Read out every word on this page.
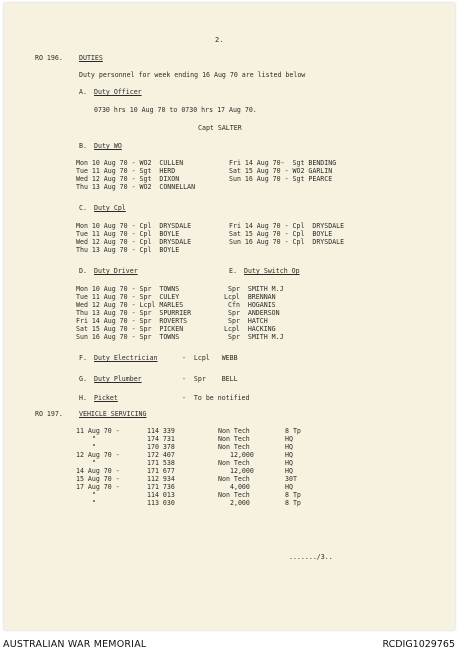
2.
RO 196. DUTIES
Duty personnel for week ending 16 Aug 70 are listed below
A. Duty Officer
0730 hrs 10 Aug 70 to 0730 hrs 17 Aug 70.
Capt SALTER
B. Duty WO
Mon 10 Aug 70 - WO2  CULLEN
Tue 11 Aug 70 - Sgt  HERD
Wed 12 Aug 70 - Sgt  DIXON
Thu 13 Aug 70 - WO2  CONNELLAN
Fri 14 Aug 70-  Sgt BENDING
Sat 15 Aug 70 - WO2 GARLIN
Sun 16 Aug 70 - Sgt PEARCE
C. Duty Cpl
Mon 10 Aug 70 - Cpl  DRYSDALE
Tue 11 Aug 70 - Cpl  BOYLE
Wed 12 Aug 70 - Cpl  DRYSDALE
Thu 13 Aug 70 - Cpl  BOYLE
Fri 14 Aug 70 - Cpl  DRYSDALE
Sat 15 Aug 70 - Cpl  BOYLE
Sun 16 Aug 70 - Cpl  DRYSDALE
D. Duty Driver	E. Duty Switch Op
Mon 10 Aug 70 - Spr  TOWNS	Spr  SMITH M.J
Tue 11 Aug 70 - Spr  CULEY	Lcpl  BRENNAN
Wed 12 Aug 70 - Lcpl MARLES	Cfn  HOGANIS
Thu 13 Aug 70 - Spr  SPURRIER	Spr  ANDERSON
Fri 14 Aug 70 - Spr  ROVERTS	Spr  HATCH
Sat 15 Aug 70 - Spr  PICKEN	Lcpl  HACKING
Sun 16 Aug 70 - Spr  TOWNS	Spr  SMITH M.J
F. Duty Electrician	-  Lcpl   WEBB
G. Duty Plumber	-  Spr    BELL
H. Picket	-  To be notified
RO 197. VEHICLE SERVICING
11 Aug 70 -	114 339	Non Tech	8 Tp
"	174 731	Non Tech	HQ
"	170 378	Non Tech	HQ
12 Aug 70 -	172 407	12,000	HQ
"	171 538	Non Tech	HQ
14 Aug 70 -	171 677	12,000	HQ
15 Aug 70 -	112 934	Non Tech	30T
17 Aug 70 -	171 736	4,000	HQ
"	114 013	Non Tech	8 Tp
"	113 030	2,000	8 Tp
......./3..
AUSTRALIAN WAR MEMORIAL	RCDIG1029765
